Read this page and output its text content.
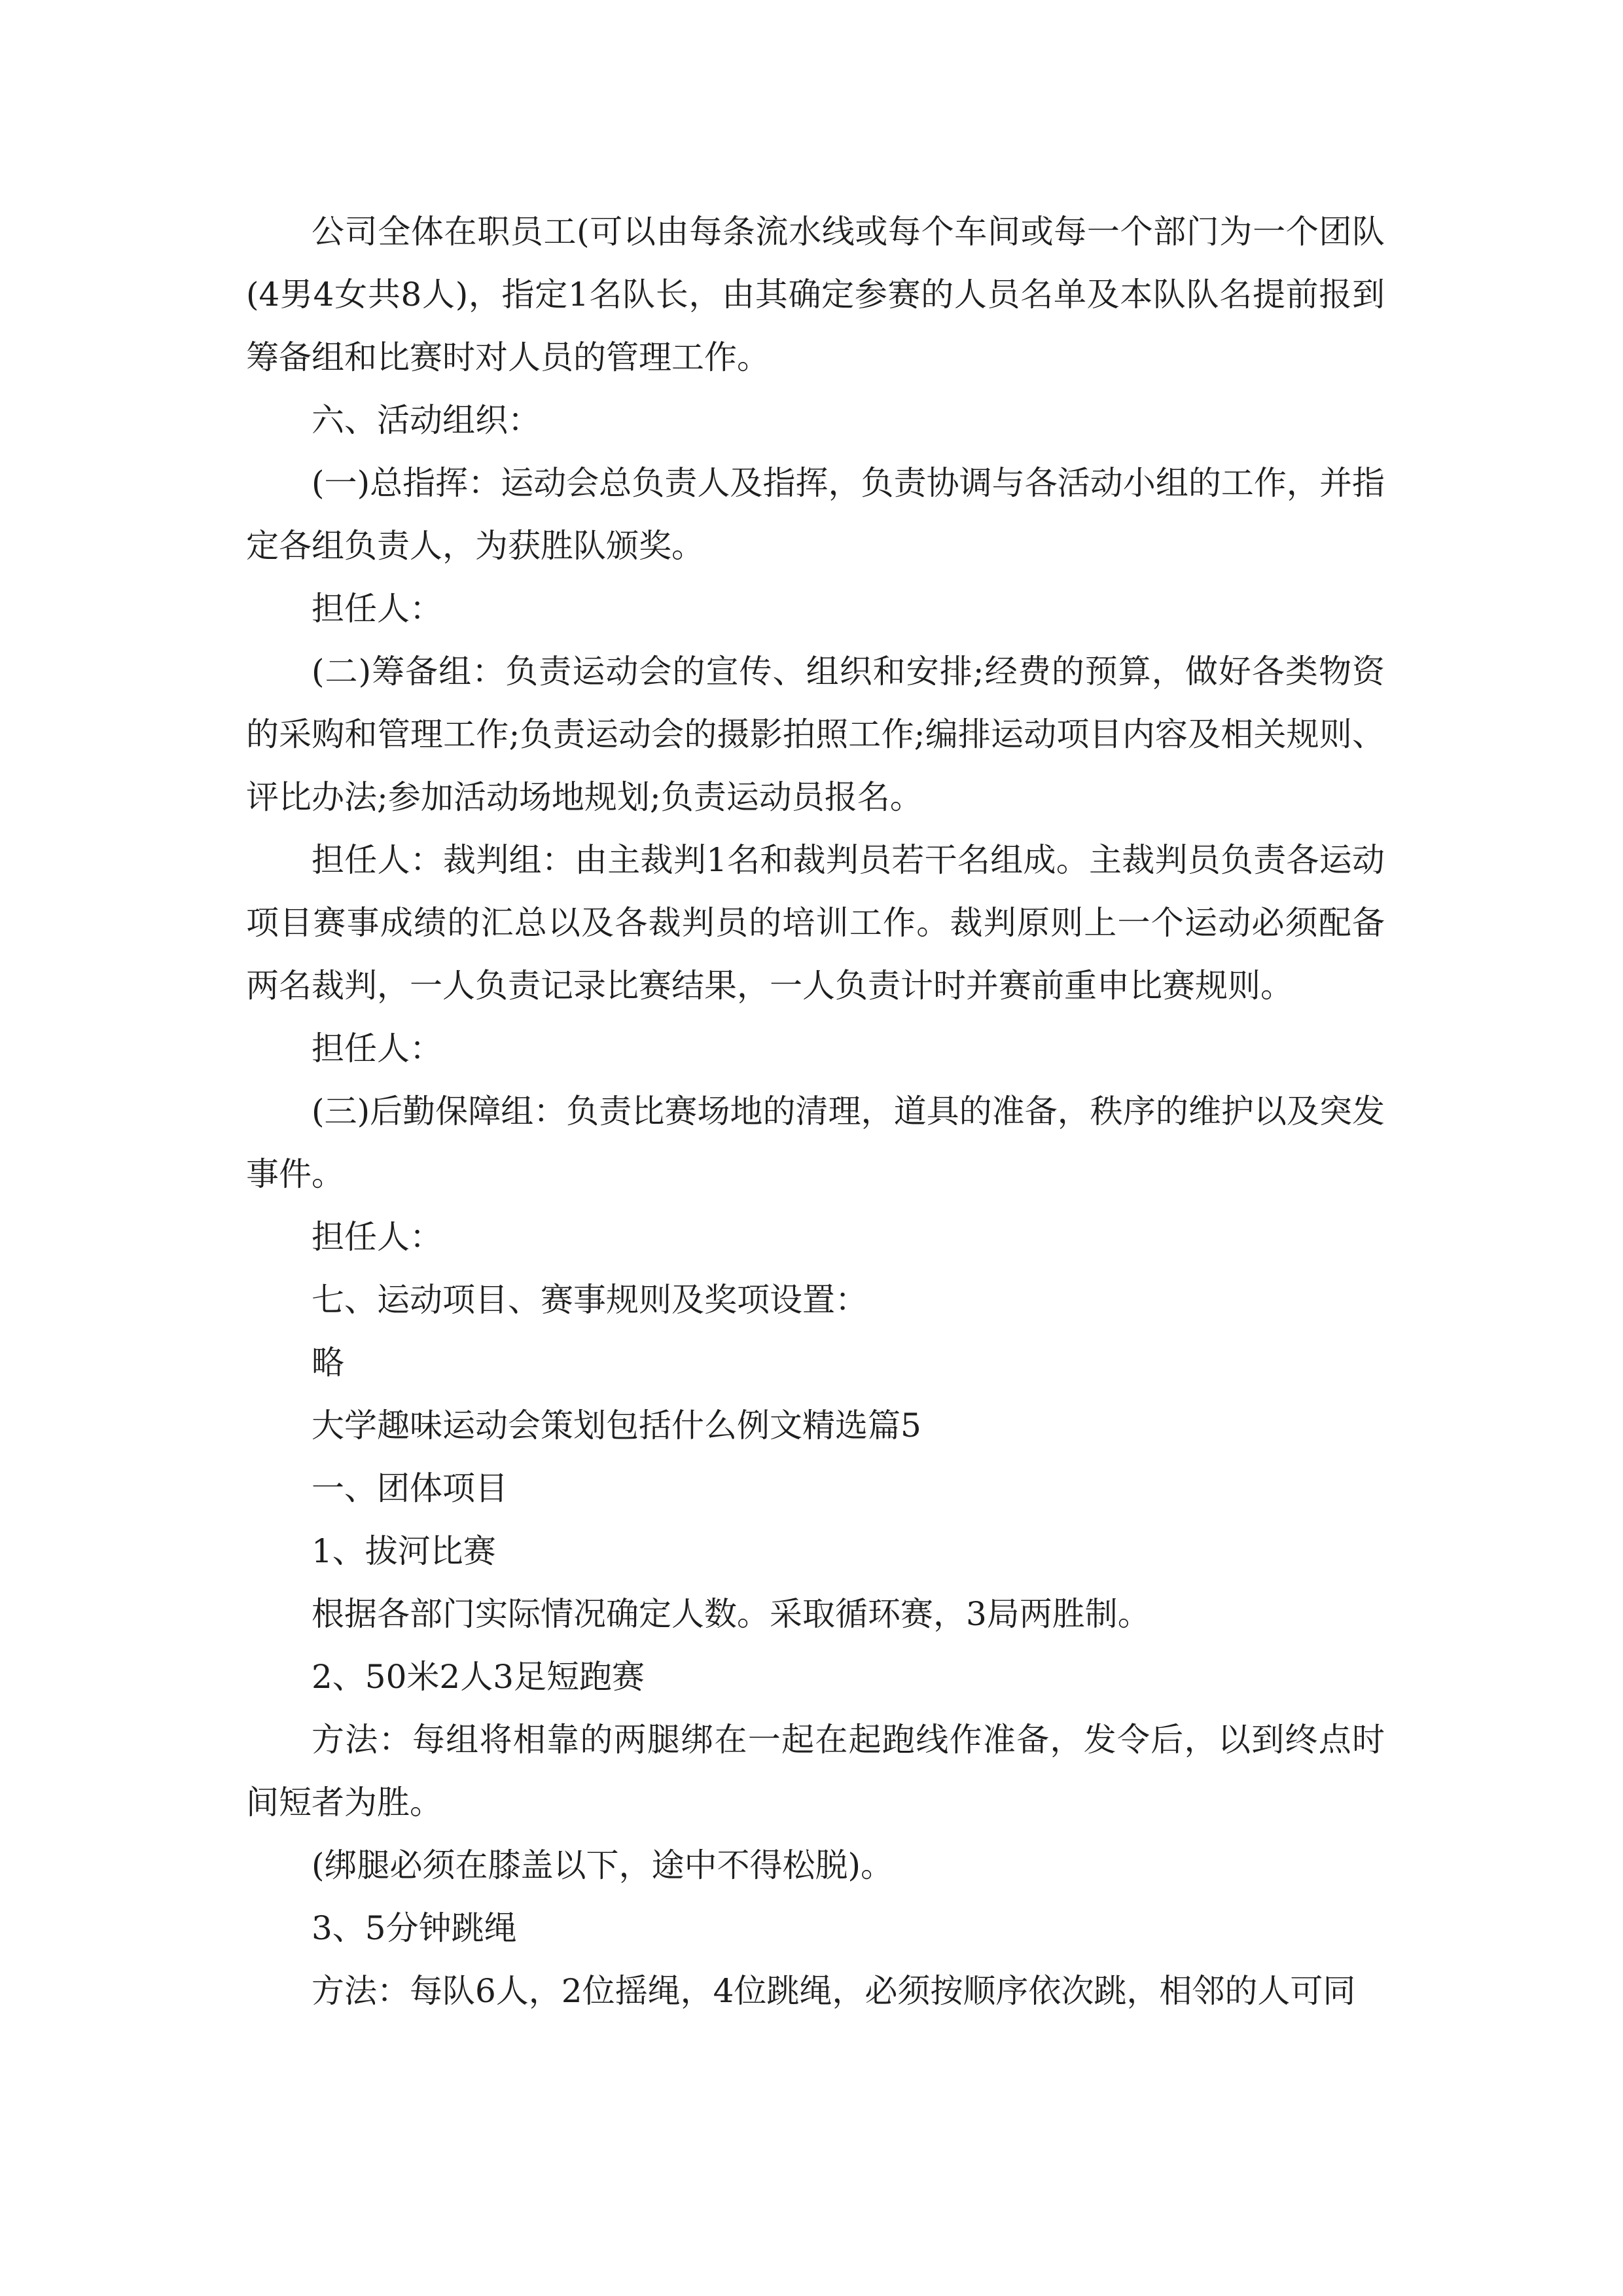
公司全体在职员工(可以由每条流水线或每个车间或每一个部门为一个团队(4男4女共8人)，指定1名队长，由其确定参赛的人员名单及本队队名提前报到筹备组和比赛时对人员的管理工作。

六、活动组织：

(一)总指挥：运动会总负责人及指挥，负责协调与各活动小组的工作，并指定各组负责人，为获胜队颁奖。

担任人：

(二)筹备组：负责运动会的宣传、组织和安排;经费的预算，做好各类物资的采购和管理工作;负责运动会的摄影拍照工作;编排运动项目内容及相关规则、评比办法;参加活动场地规划;负责运动员报名。

担任人：裁判组：由主裁判1名和裁判员若干名组成。主裁判员负责各运动项目赛事成绩的汇总以及各裁判员的培训工作。裁判原则上一个运动必须配备两名裁判，一人负责记录比赛结果，一人负责计时并赛前重申比赛规则。

担任人：

(三)后勤保障组：负责比赛场地的清理，道具的准备，秩序的维护以及突发事件。

担任人：

七、运动项目、赛事规则及奖项设置：

略

大学趣味运动会策划包括什么例文精选篇5

一、团体项目

1、拔河比赛

根据各部门实际情况确定人数。采取循环赛，3局两胜制。

2、50米2人3足短跑赛

方法：每组将相靠的两腿绑在一起在起跑线作准备，发令后，以到终点时间短者为胜。

(绑腿必须在膝盖以下，途中不得松脱)。

3、5分钟跳绳

方法：每队6人，2位摇绳，4位跳绳，必须按顺序依次跳，相邻的人可同
